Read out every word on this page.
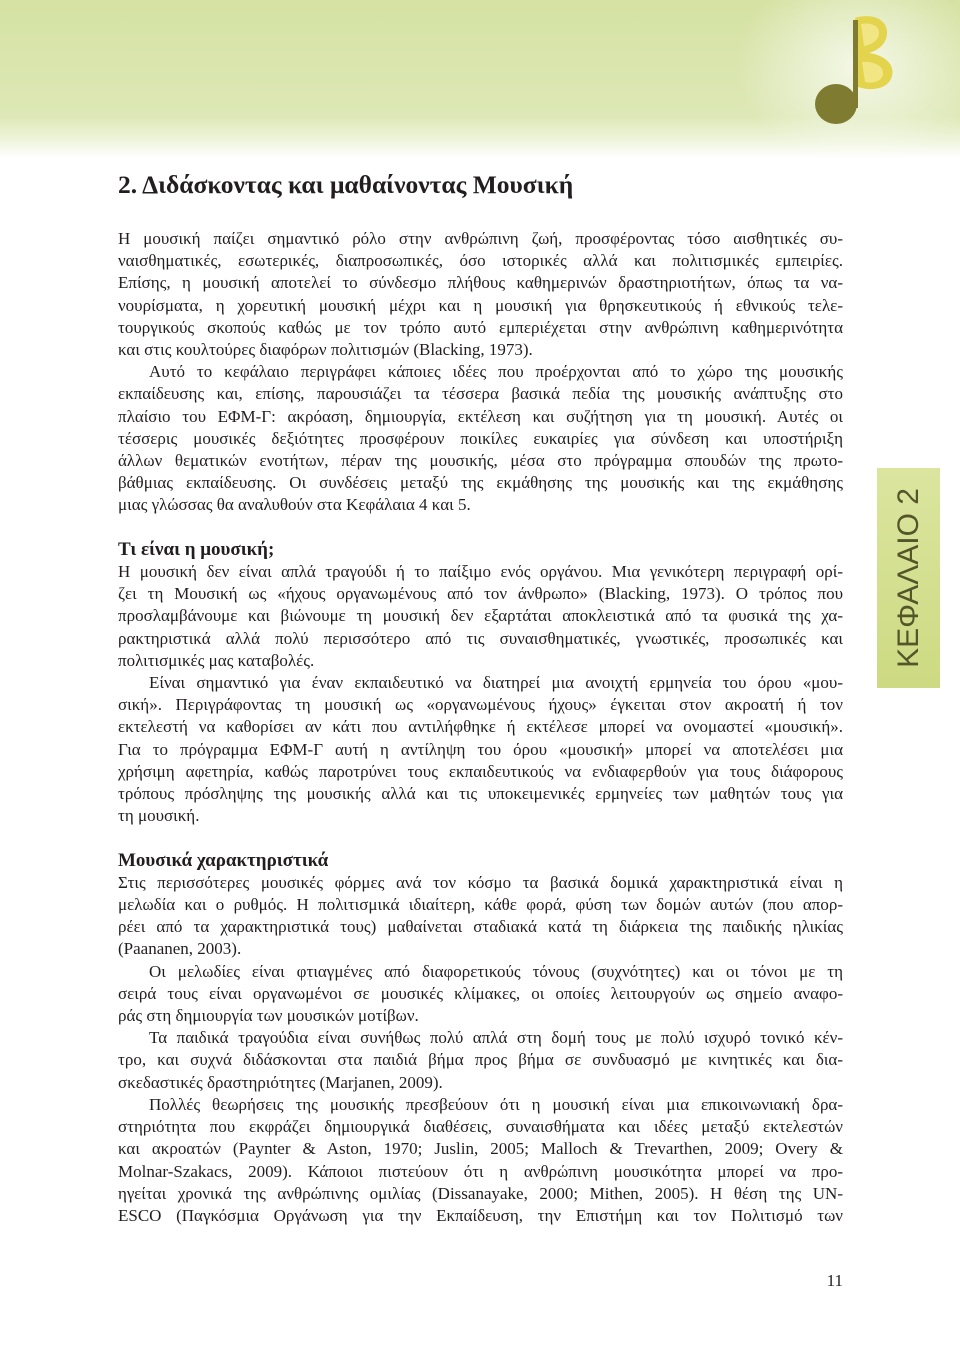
2. Διδάσκοντας και μαθαίνοντας Μουσική
Η μουσική παίζει σημαντικό ρόλο στην ανθρώπινη ζωή, προσφέροντας τόσο αισθητικές συ-
ναισθηματικές, εσωτερικές, διαπροσωπικές, όσο ιστορικές αλλά και πολιτισμικές εμπειρίες.
Επίσης, η μουσική αποτελεί το σύνδεσμο πλήθους καθημερινών δραστηριοτήτων, όπως τα να-
νουρίσματα, η χορευτική μουσική μέχρι και η μουσική για θρησκευτικούς ή εθνικούς τελε-
τουργικούς σκοπούς καθώς με τον τρόπο αυτό εμπεριέχεται στην ανθρώπινη καθημερινότητα
και στις κουλτούρες διαφόρων πολιτισμών (Blacking, 1973).
Αυτό το κεφάλαιο περιγράφει κάποιες ιδέες που προέρχονται από το χώρο της μουσικής
εκπαίδευσης και, επίσης, παρουσιάζει τα τέσσερα βασικά πεδία της μουσικής ανάπτυξης στο
πλαίσιο του ΕΦΜ-Γ: ακρόαση, δημιουργία, εκτέλεση και συζήτηση για τη μουσική. Αυτές οι
τέσσερις μουσικές δεξιότητες προσφέρουν ποικίλες ευκαιρίες για σύνδεση και υποστήριξη
άλλων θεματικών ενοτήτων, πέραν της μουσικής, μέσα στο πρόγραμμα σπουδών της πρωτο-
βάθμιας εκπαίδευσης. Οι συνδέσεις μεταξύ της εκμάθησης της μουσικής και της εκμάθησης
μιας γλώσσας θα αναλυθούν στα Κεφάλαια 4 και 5.
Τι είναι η μουσική;
Η μουσική δεν είναι απλά τραγούδι ή το παίξιμο ενός οργάνου. Μια γενικότερη περιγραφή ορί-
ζει τη Μουσική ως «ήχους οργανωμένους από τον άνθρωπο» (Blacking, 1973). Ο τρόπος που
προσλαμβάνουμε και βιώνουμε τη μουσική δεν εξαρτάται αποκλειστικά από τα φυσικά της χα-
ρακτηριστικά αλλά πολύ περισσότερο από τις συναισθηματικές, γνωστικές, προσωπικές και
πολιτισμικές μας καταβολές.
Είναι σημαντικό για έναν εκπαιδευτικό να διατηρεί μια ανοιχτή ερμηνεία του όρου «μου-
σική». Περιγράφοντας τη μουσική ως «οργανωμένους ήχους» έγκειται στον ακροατή ή τον
εκτελεστή να καθορίσει αν κάτι που αντιλήφθηκε ή εκτέλεσε μπορεί να ονομαστεί «μουσική».
Για το πρόγραμμα ΕΦΜ-Γ αυτή η αντίληψη του όρου «μουσική» μπορεί να αποτελέσει μια
χρήσιμη αφετηρία, καθώς παροτρύνει τους εκπαιδευτικούς να ενδιαφερθούν για τους διάφορους
τρόπους πρόσληψης της μουσικής αλλά και τις υποκειμενικές ερμηνείες των μαθητών τους για
τη μουσική.
Μουσικά χαρακτηριστικά
Στις περισσότερες μουσικές φόρμες ανά τον κόσμο τα βασικά δομικά χαρακτηριστικά είναι η
μελωδία και ο ρυθμός. Η πολιτισμικά ιδιαίτερη, κάθε φορά, φύση των δομών αυτών (που απορ-
ρέει από τα χαρακτηριστικά τους) μαθαίνεται σταδιακά κατά τη διάρκεια της παιδικής ηλικίας
(Paananen, 2003).
Οι μελωδίες είναι φτιαγμένες από διαφορετικούς τόνους (συχνότητες) και οι τόνοι με τη
σειρά τους είναι οργανωμένοι σε μουσικές κλίμακες, οι οποίες λειτουργούν ως σημείο αναφο-
ράς στη δημιουργία των μουσικών μοτίβων.
Τα παιδικά τραγούδια είναι συνήθως πολύ απλά στη δομή τους με πολύ ισχυρό τονικό κέν-
τρο, και συχνά διδάσκονται στα παιδιά βήμα προς βήμα σε συνδυασμό με κινητικές και δια-
σκεδαστικές δραστηριότητες (Marjanen, 2009).
Πολλές θεωρήσεις της μουσικής πρεσβεύουν ότι η μουσική είναι μια επικοινωνιακή δρα-
στηριότητα που εκφράζει δημιουργικά διαθέσεις, συναισθήματα και ιδέες μεταξύ εκτελεστών
και ακροατών (Paynter & Aston, 1970; Juslin, 2005; Malloch & Trevarthen, 2009; Overy &
Molnar-Szakacs, 2009). Κάποιοι πιστεύουν ότι η ανθρώπινη μουσικότητα μπορεί να προ-
ηγείται χρονικά της ανθρώπινης ομιλίας (Dissanayake, 2000; Mithen, 2005). Η θέση της UN-
ESCO (Παγκόσμια Οργάνωση για την Εκπαίδευση, την Επιστήμη και τον Πολιτισμό των
ΚΕΦΑΛΑΙΟ 2
11
